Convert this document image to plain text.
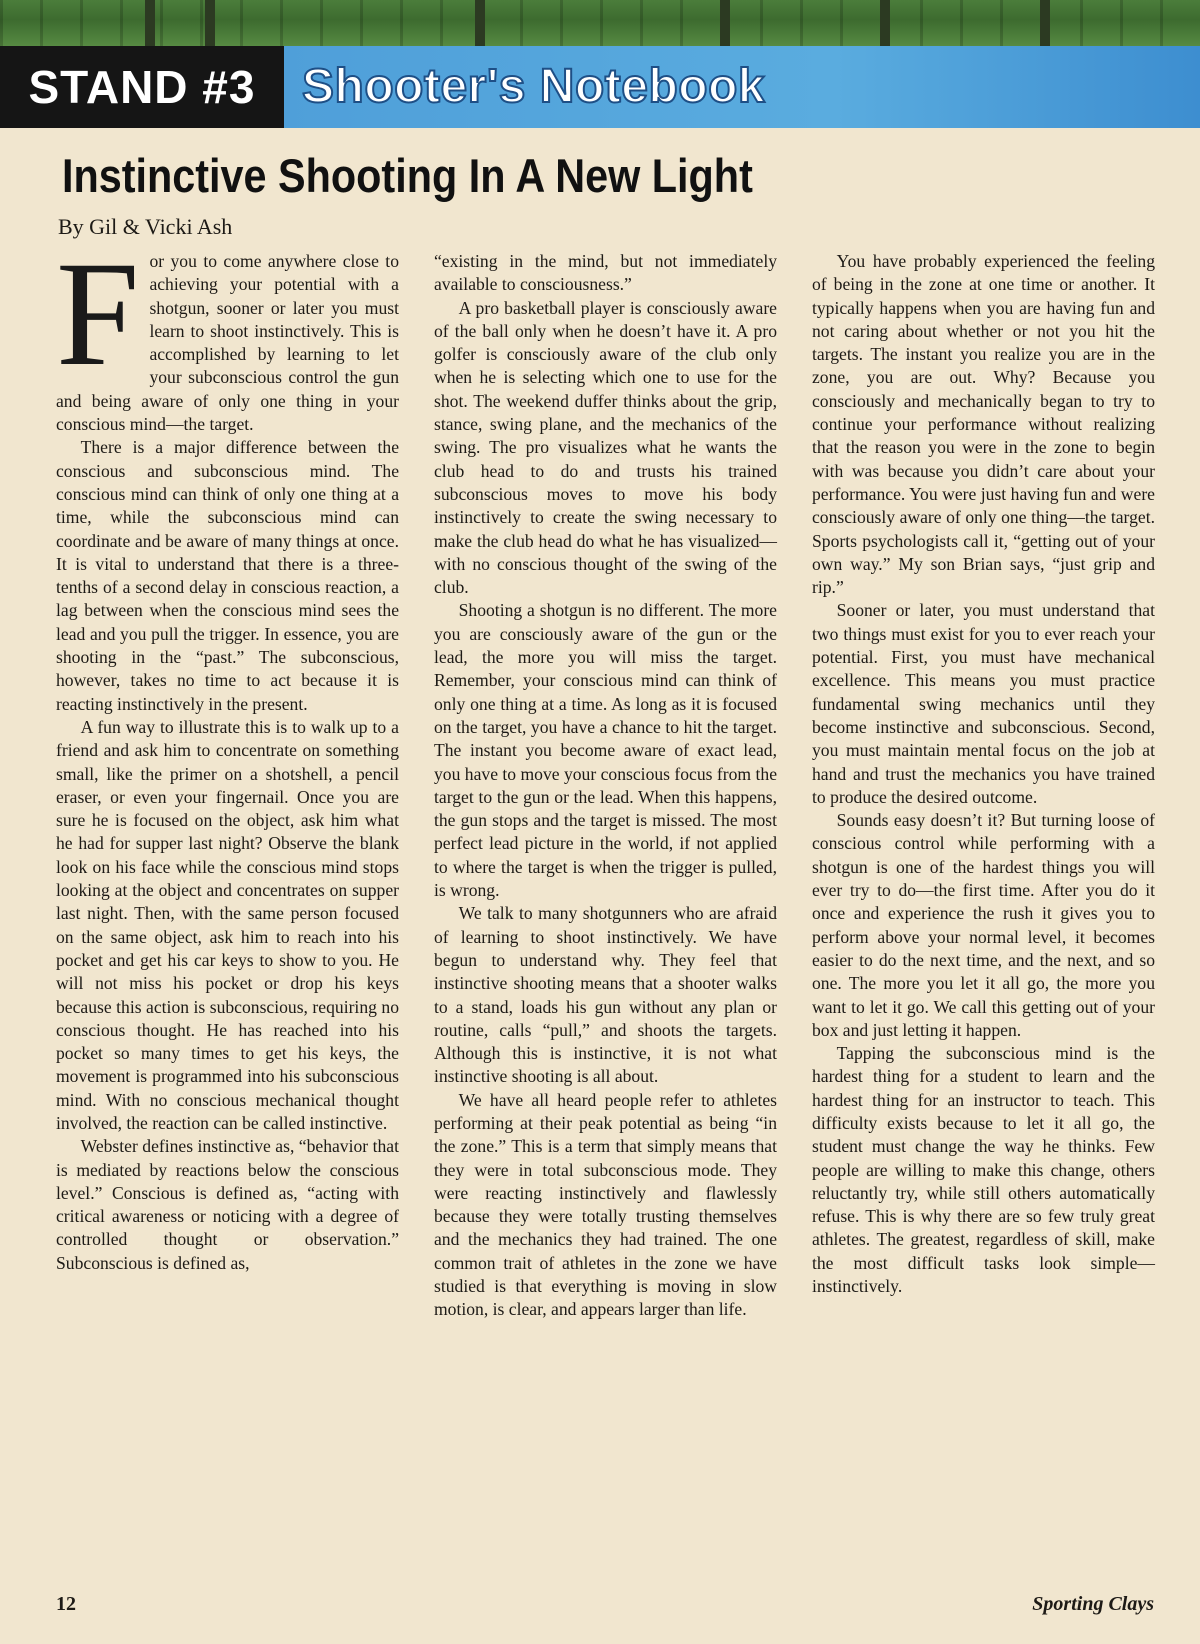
STAND #3 Shooter's Notebook
Instinctive Shooting In A New Light
By Gil & Vicki Ash
F or you to come anywhere close to achieving your potential with a shotgun, sooner or later you must learn to shoot instinctively. This is accomplished by learning to let your subconscious control the gun and being aware of only one thing in your conscious mind—the target.

There is a major difference between the conscious and subconscious mind. The conscious mind can think of only one thing at a time, while the subconscious mind can coordinate and be aware of many things at once. It is vital to understand that there is a three-tenths of a second delay in conscious reaction, a lag between when the conscious mind sees the lead and you pull the trigger. In essence, you are shooting in the “past.” The subconscious, however, takes no time to act because it is reacting instinctively in the present.

A fun way to illustrate this is to walk up to a friend and ask him to concentrate on something small, like the primer on a shotshell, a pencil eraser, or even your fingernail. Once you are sure he is focused on the object, ask him what he had for supper last night? Observe the blank look on his face while the conscious mind stops looking at the object and concentrates on supper last night. Then, with the same person focused on the same object, ask him to reach into his pocket and get his car keys to show to you. He will not miss his pocket or drop his keys because this action is subconscious, requiring no conscious thought. He has reached into his pocket so many times to get his keys, the movement is programmed into his subconscious mind. With no conscious mechanical thought involved, the reaction can be called instinctive.

Webster defines instinctive as, “behavior that is mediated by reactions below the conscious level.” Conscious is defined as, “acting with critical awareness or noticing with a degree of controlled thought or observation.” Subconscious is defined as,

“existing in the mind, but not immediately available to consciousness.”

A pro basketball player is consciously aware of the ball only when he doesn’t have it. A pro golfer is consciously aware of the club only when he is selecting which one to use for the shot. The weekend duffer thinks about the grip, stance, swing plane, and the mechanics of the swing. The pro visualizes what he wants the club head to do and trusts his trained subconscious moves to move his body instinctively to create the swing necessary to make the club head do what he has visualized—with no conscious thought of the swing of the club.

Shooting a shotgun is no different. The more you are consciously aware of the gun or the lead, the more you will miss the target. Remember, your conscious mind can think of only one thing at a time. As long as it is focused on the target, you have a chance to hit the target. The instant you become aware of exact lead, you have to move your conscious focus from the target to the gun or the lead. When this happens, the gun stops and the target is missed. The most perfect lead picture in the world, if not applied to where the target is when the trigger is pulled, is wrong.

We talk to many shotgunners who are afraid of learning to shoot instinctively. We have begun to understand why. They feel that instinctive shooting means that a shooter walks to a stand, loads his gun without any plan or routine, calls “pull,” and shoots the targets. Although this is instinctive, it is not what instinctive shooting is all about.

We have all heard people refer to athletes performing at their peak potential as being “in the zone.” This is a term that simply means that they were in total subconscious mode. They were reacting instinctively and flawlessly because they were totally trusting themselves and the mechanics they had trained. The one common trait of athletes in the zone we have studied is that everything is moving in slow motion, is clear, and appears larger than life.

You have probably experienced the feeling of being in the zone at one time or another. It typically happens when you are having fun and not caring about whether or not you hit the targets. The instant you realize you are in the zone, you are out. Why? Because you consciously and mechanically began to try to continue your performance without realizing that the reason you were in the zone to begin with was because you didn’t care about your performance. You were just having fun and were consciously aware of only one thing—the target. Sports psychologists call it, “getting out of your own way.” My son Brian says, “just grip and rip.”

Sooner or later, you must understand that two things must exist for you to ever reach your potential. First, you must have mechanical excellence. This means you must practice fundamental swing mechanics until they become instinctive and subconscious. Second, you must maintain mental focus on the job at hand and trust the mechanics you have trained to produce the desired outcome.

Sounds easy doesn’t it? But turning loose of conscious control while performing with a shotgun is one of the hardest things you will ever try to do—the first time. After you do it once and experience the rush it gives you to perform above your normal level, it becomes easier to do the next time, and the next, and so one. The more you let it all go, the more you want to let it go. We call this getting out of your box and just letting it happen.

Tapping the subconscious mind is the hardest thing for a student to learn and the hardest thing for an instructor to teach. This difficulty exists because to let it all go, the student must change the way he thinks. Few people are willing to make this change, others reluctantly try, while still others automatically refuse. This is why there are so few truly great athletes. The greatest, regardless of skill, make the most difficult tasks look simple—instinctively.

12	Sporting Clays
